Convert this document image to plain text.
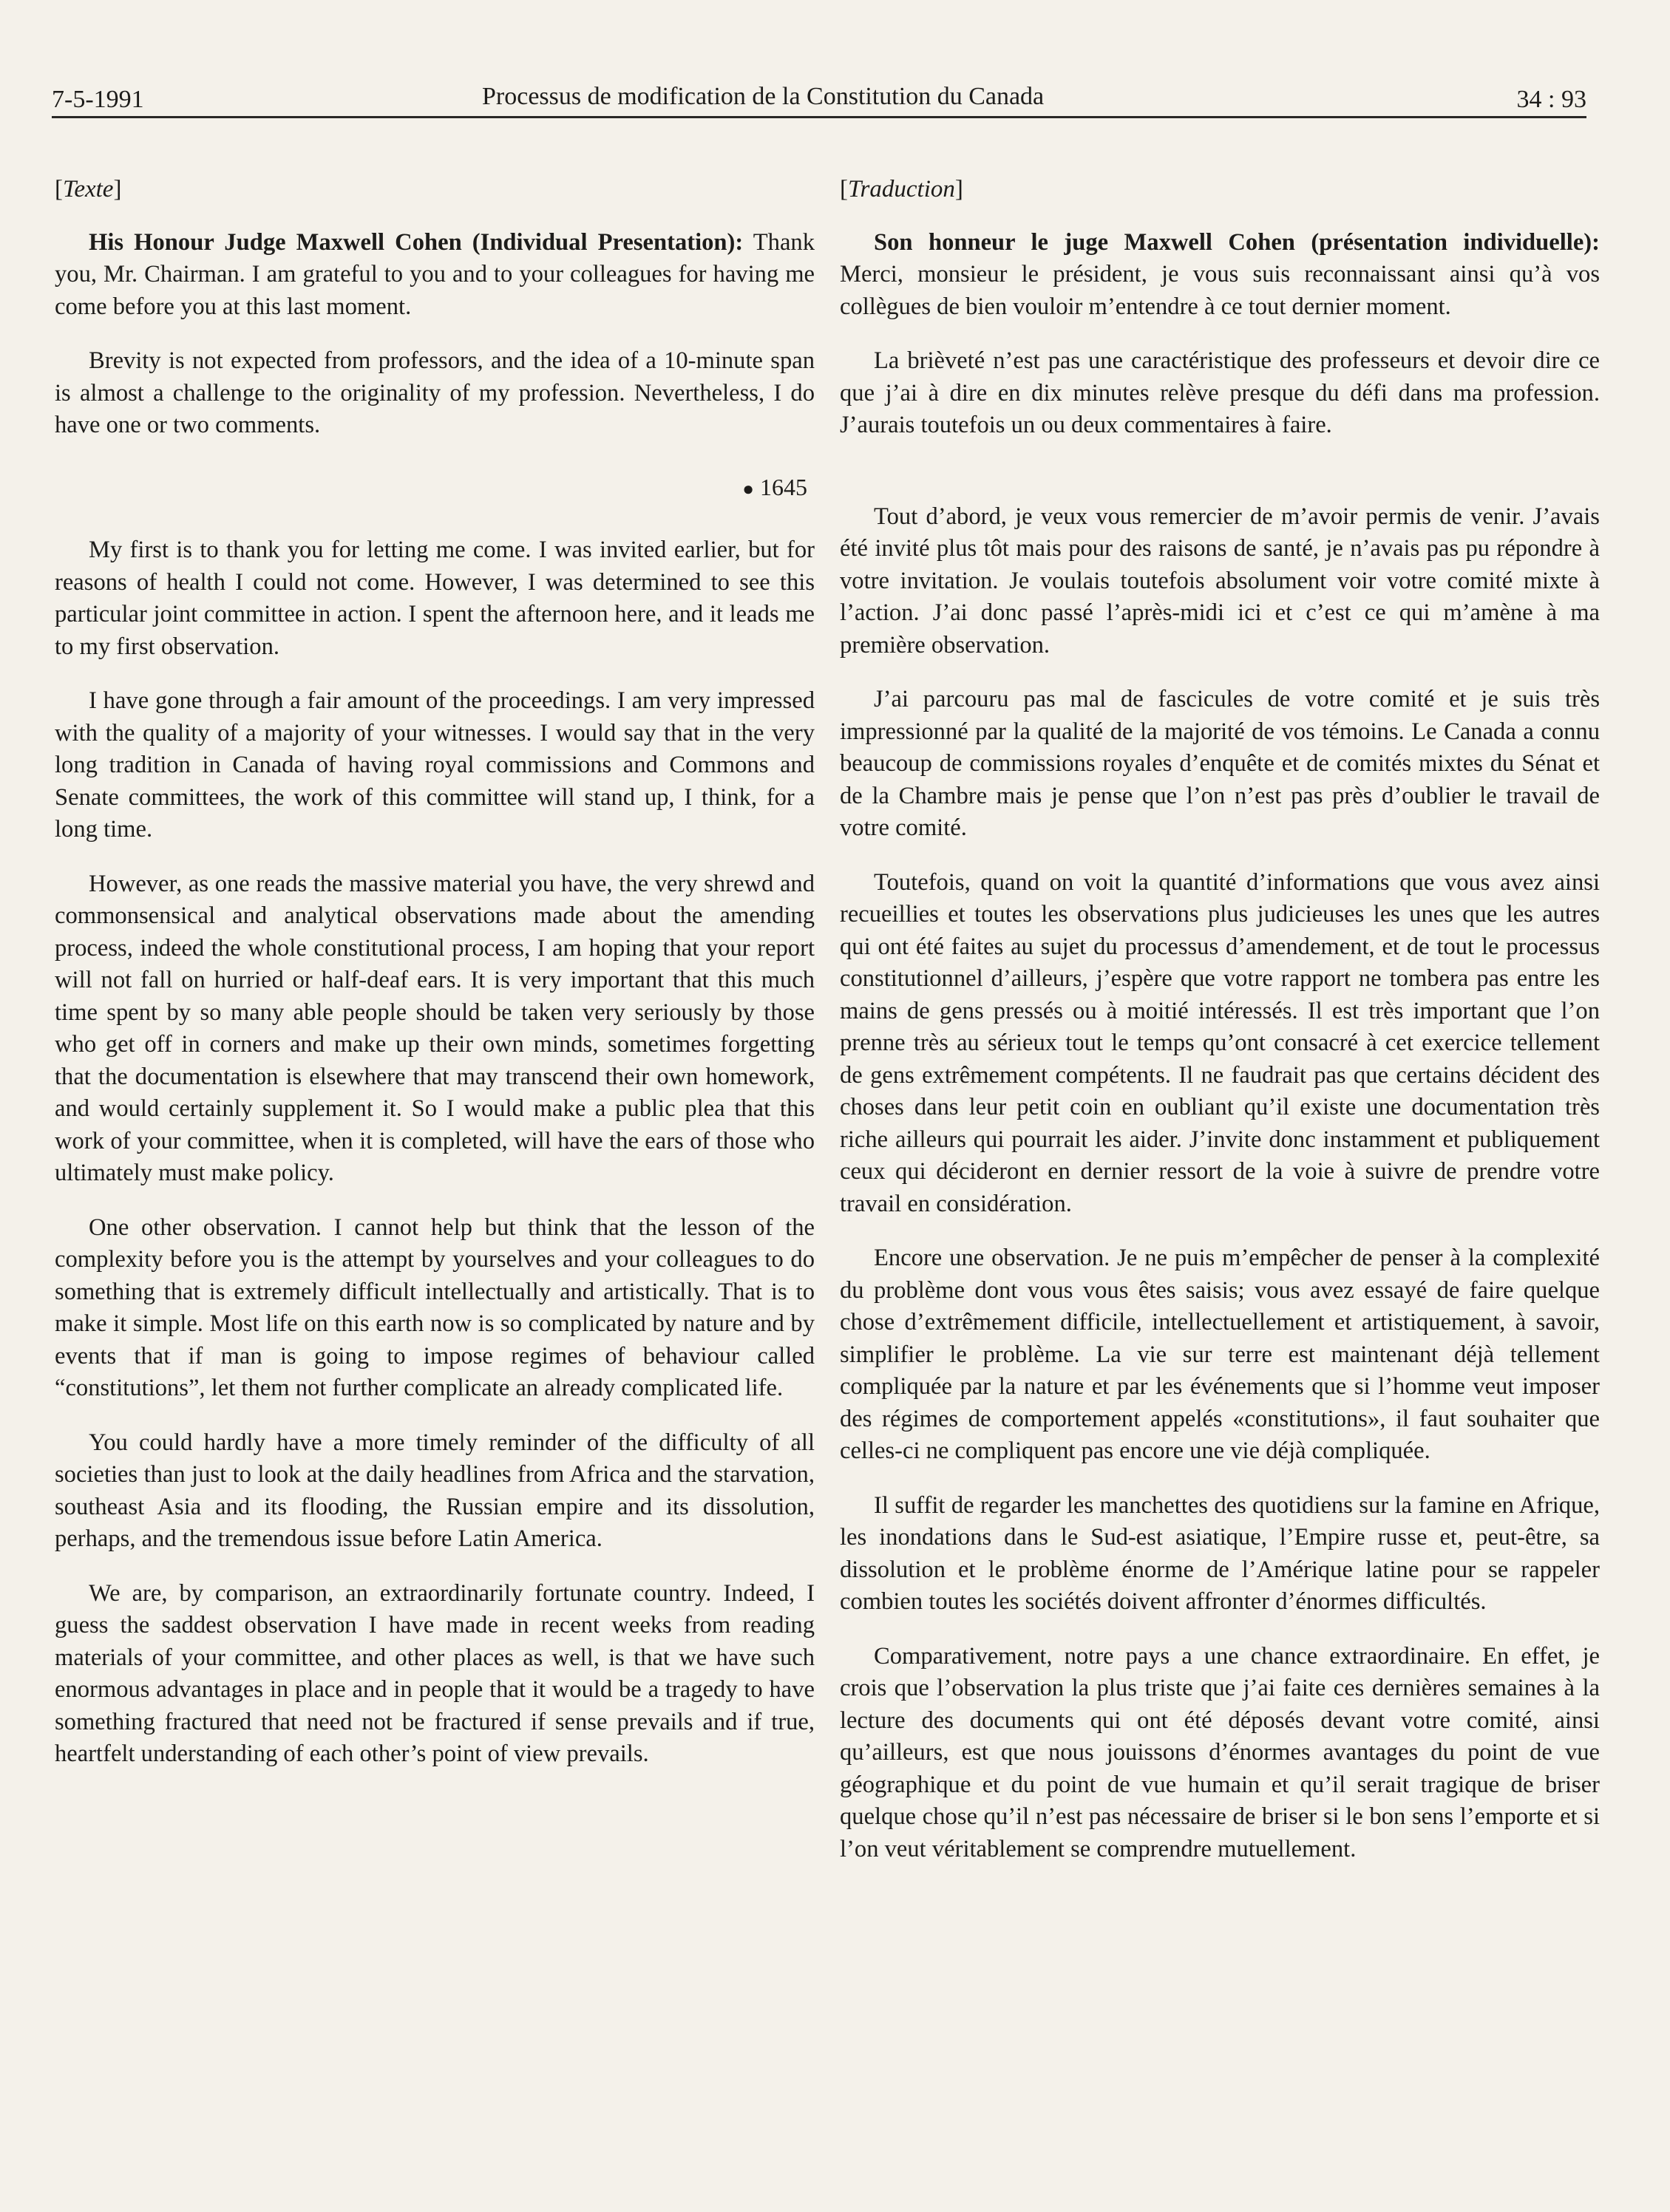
7-5-1991	Processus de modification de la Constitution du Canada	34 : 93
[Texte]

His Honour Judge Maxwell Cohen (Individual Presentation): Thank you, Mr. Chairman. I am grateful to you and to your colleagues for having me come before you at this last moment.

Brevity is not expected from professors, and the idea of a 10-minute span is almost a challenge to the originality of my profession. Nevertheless, I do have one or two comments.

● 1645

My first is to thank you for letting me come. I was invited earlier, but for reasons of health I could not come. However, I was determined to see this particular joint committee in action. I spent the afternoon here, and it leads me to my first observation.

I have gone through a fair amount of the proceedings. I am very impressed with the quality of a majority of your witnesses. I would say that in the very long tradition in Canada of having royal commissions and Commons and Senate committees, the work of this committee will stand up, I think, for a long time.

However, as one reads the massive material you have, the very shrewd and commonsensical and analytical observations made about the amending process, indeed the whole constitutional process, I am hoping that your report will not fall on hurried or half-deaf ears. It is very important that this much time spent by so many able people should be taken very seriously by those who get off in corners and make up their own minds, sometimes forgetting that the documentation is elsewhere that may transcend their own homework, and would certainly supplement it. So I would make a public plea that this work of your committee, when it is completed, will have the ears of those who ultimately must make policy.

One other observation. I cannot help but think that the lesson of the complexity before you is the attempt by yourselves and your colleagues to do something that is extremely difficult intellectually and artistically. That is to make it simple. Most life on this earth now is so complicated by nature and by events that if man is going to impose regimes of behaviour called “constitutions”, let them not further complicate an already complicated life.

You could hardly have a more timely reminder of the difficulty of all societies than just to look at the daily headlines from Africa and the starvation, southeast Asia and its flooding, the Russian empire and its dissolution, perhaps, and the tremendous issue before Latin America.

We are, by comparison, an extraordinarily fortunate country. Indeed, I guess the saddest observation I have made in recent weeks from reading materials of your committee, and other places as well, is that we have such enormous advantages in place and in people that it would be a tragedy to have something fractured that need not be fractured if sense prevails and if true, heartfelt understanding of each other’s point of view prevails.

[Traduction]

Son honneur le juge Maxwell Cohen (présentation individuelle): Merci, monsieur le président, je vous suis reconnaissant ainsi qu’à vos collègues de bien vouloir m’entendre à ce tout dernier moment.

La brièveté n’est pas une caractéristique des professeurs et devoir dire ce que j’ai à dire en dix minutes relève presque du défi dans ma profession. J’aurais toutefois un ou deux commentaires à faire.

Tout d’abord, je veux vous remercier de m’avoir permis de venir. J’avais été invité plus tôt mais pour des raisons de santé, je n’avais pas pu répondre à votre invitation. Je voulais toutefois absolument voir votre comité mixte à l’action. J’ai donc passé l’après-midi ici et c’est ce qui m’amène à ma première observation.

J’ai parcouru pas mal de fascicules de votre comité et je suis très impressionné par la qualité de la majorité de vos témoins. Le Canada a connu beaucoup de commissions royales d’enquête et de comités mixtes du Sénat et de la Chambre mais je pense que l’on n’est pas près d’oublier le travail de votre comité.

Toutefois, quand on voit la quantité d’informations que vous avez ainsi recueillies et toutes les observations plus judicieuses les unes que les autres qui ont été faites au sujet du processus d’amendement, et de tout le processus constitutionnel d’ailleurs, j’espère que votre rapport ne tombera pas entre les mains de gens pressés ou à moitié intéressés. Il est très important que l’on prenne très au sérieux tout le temps qu’ont consacré à cet exercice tellement de gens extrêmement compétents. Il ne faudrait pas que certains décident des choses dans leur petit coin en oubliant qu’il existe une documentation très riche ailleurs qui pourrait les aider. J’invite donc instamment et publiquement ceux qui décideront en dernier ressort de la voie à suivre de prendre votre travail en considération.

Encore une observation. Je ne puis m’empêcher de penser à la complexité du problème dont vous vous êtes saisis; vous avez essayé de faire quelque chose d’extrêmement difficile, intellectuellement et artistiquement, à savoir, simplifier le problème. La vie sur terre est maintenant déjà tellement compliquée par la nature et par les événements que si l’homme veut imposer des régimes de comportement appelés «constitutions», il faut souhaiter que celles-ci ne compliquent pas encore une vie déjà compliquée.

Il suffit de regarder les manchettes des quotidiens sur la famine en Afrique, les inondations dans le Sud-est asiatique, l’Empire russe et, peut-être, sa dissolution et le problème énorme de l’Amérique latine pour se rappeler combien toutes les sociétés doivent affronter d’énormes difficultés.

Comparativement, notre pays a une chance extraordinaire. En effet, je crois que l’observation la plus triste que j’ai faite ces dernières semaines à la lecture des documents qui ont été déposés devant votre comité, ainsi qu’ailleurs, est que nous jouissons d’énormes avantages du point de vue géographique et du point de vue humain et qu’il serait tragique de briser quelque chose qu’il n’est pas nécessaire de briser si le bon sens l’emporte et si l’on veut véritablement se comprendre mutuellement.
